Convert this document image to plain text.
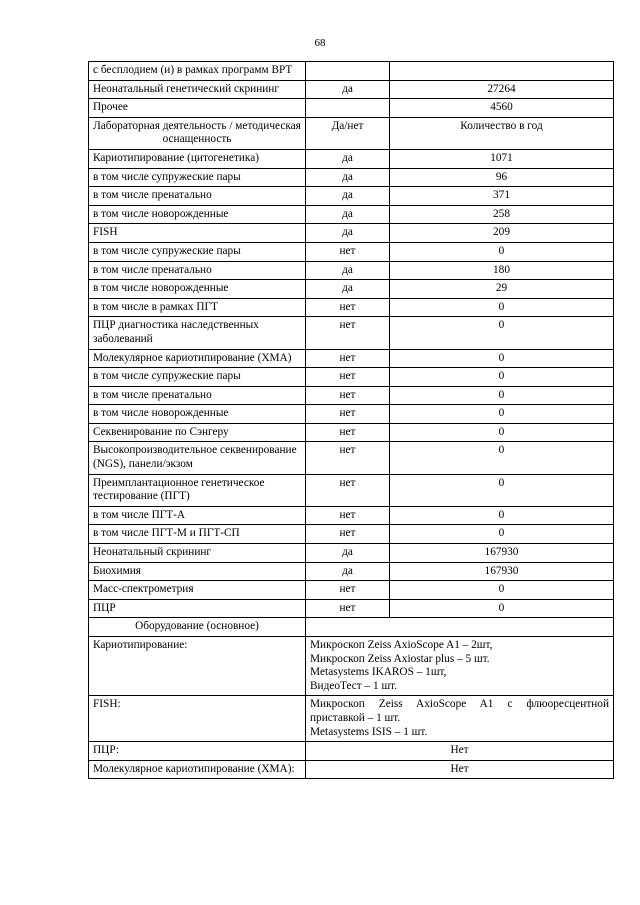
68
с бесплодием (и) в рамках программ ВРТ		
Неонатальный генетический скрининг	да	27264
Прочее		4560
Лабораторная деятельность / методическая оснащенность	Да/нет	Количество в год
Кариотипирование (цитогенетика)	да	1071
в том числе супружеские пары	да	96
в том числе пренатально	да	371
в том числе новорожденные	да	258
FISH	да	209
в том числе супружеские пары	нет	0
в том числе пренатально	да	180
в том числе новорожденные	да	29
в том числе в рамках ПГТ	нет	0
ПЦР диагностика наследственных заболеваний	нет	0
Молекулярное кариотипирование (ХМА)	нет	0
в том числе супружеские пары	нет	0
в том числе пренатально	нет	0
в том числе новорожденные	нет	0
Секвенирование по Сэнгеру	нет	0
Высокопроизводительное секвенирование (NGS), панели/экзом	нет	0
Преимплантационное генетическое тестирование (ПГТ)	нет	0
в том числе ПГТ-А	нет	0
в том числе ПГТ-М и ПГТ-СП	нет	0
Неонатальный скрининг	да	167930
Биохимия	да	167930
Масс-спектрометрия	нет	0
ПЦР	нет	0
Оборудование (основное)		
Кариотипирование:	Микроскоп Zeiss AxioScope A1 – 2шт,
Микроскоп Zeiss Axiostar plus – 5 шт.
Metasystems IKAROS – 1шт,
ВидеоТест – 1 шт.	

FISH:	Микроскоп Zeiss AxioScope A1 с флюоресцентной приставкой – 1 шт.
Metasystems ISIS – 1 шт.	

ПЦР:	Нет	

Молекулярное кариотипирование (ХМА):	Нет	
